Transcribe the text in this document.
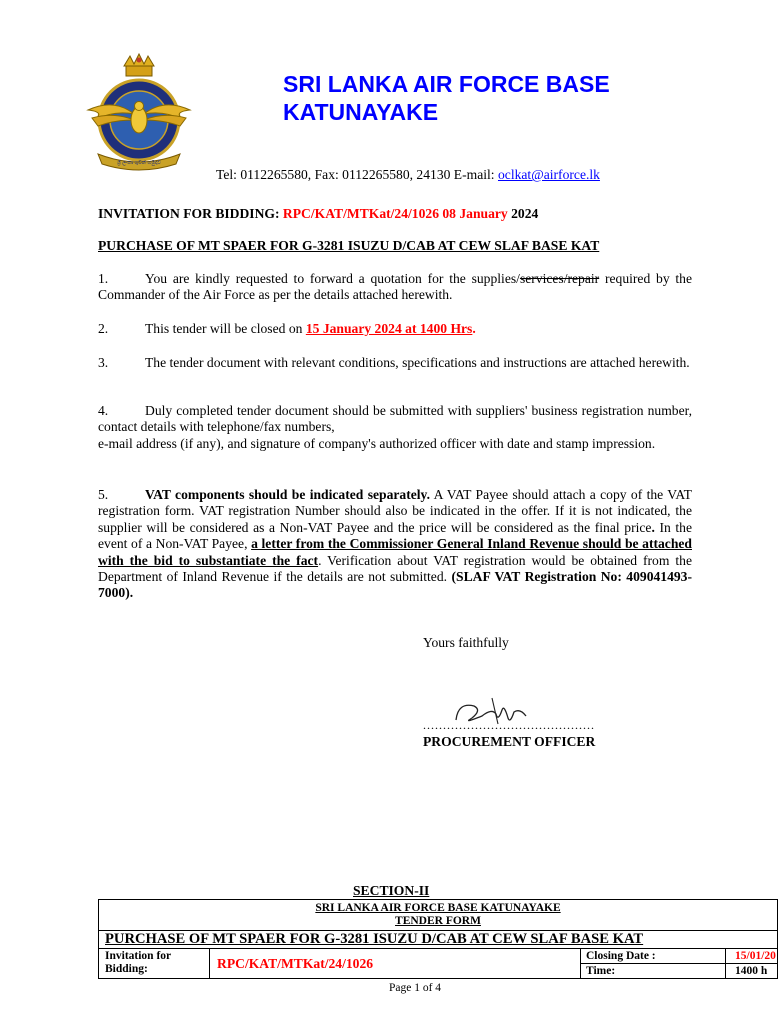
ශ්‍රී ලංකා ගුවන් හමුදාව
SRI LANKA AIR FORCE BASE
KATUNAYAKE
Tel: 0112265580, Fax: 0112265580, 24130 E-mail: oclkat@airforce.lk
INVITATION FOR BIDDING: RPC/KAT/MTKat/24/1026 08 January 2024
PURCHASE OF MT SPAER FOR G-3281 ISUZU D/CAB AT CEW SLAF BASE KAT
1.	You are kindly requested to forward a quotation for the supplies/services/repair required by the Commander of the Air Force as per the details attached herewith.
2.	This tender will be closed on 15 January 2024 at 1400 Hrs.
3.	The tender document with relevant conditions, specifications and instructions are attached herewith.
4.	Duly completed tender document should be submitted with suppliers' business registration number, contact details with telephone/fax numbers,
e-mail address (if any), and signature of company's authorized officer with date and stamp impression.
5.	VAT components should be indicated separately. A VAT Payee should attach a copy of the VAT registration form. VAT registration Number should also be indicated in the offer. If it is not indicated, the supplier will be considered as a Non-VAT Payee and the price will be considered as the final price. In the event of a Non-VAT Payee, a letter from the Commissioner General Inland Revenue should be attached with the bid to substantiate the fact. Verification about VAT registration would be obtained from the Department of Inland Revenue if the details are not submitted. (SLAF VAT Registration No: 409041493-7000).
Yours faithfully
...........................................
PROCUREMENT OFFICER
SECTION-II
SRI LANKA AIR FORCE BASE KATUNAYAKE
TENDER FORM
PURCHASE OF MT SPAER FOR G-3281 ISUZU D/CAB AT CEW SLAF BASE KAT
Invitation for
Bidding:	RPC/KAT/MTKat/24/1026	Closing Date :	15/01/20
Time:	1400 h
Page 1 of 4
